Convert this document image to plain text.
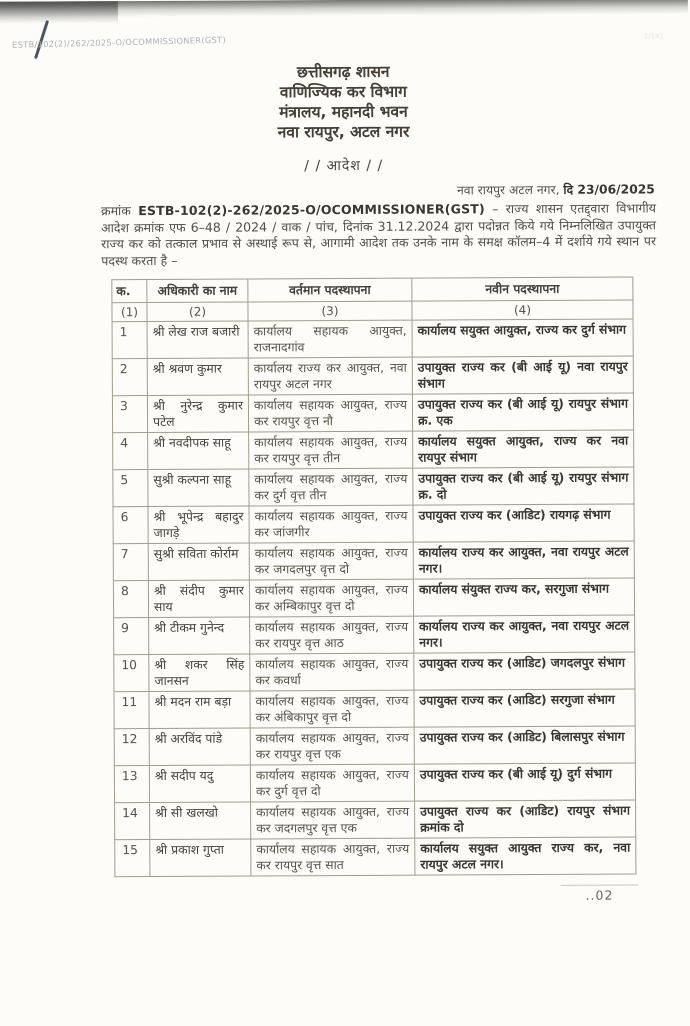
ESTB/102(2)/262/2025-O/OCOMMISSIONER(GST)	1/141
छत्तीसगढ़ शासन
वाणिज्यिक कर विभाग
मंत्रालय, महानदी भवन
नवा रायपुर, अटल नगर
/ / आदेश / /
नवा रायपुर अटल नगर, दि 23/06/2025
क्रमांक ESTB-102(2)-262/2025-O/OCOMMISSIONER(GST) – राज्य शासन एतद्द्वारा विभागीय आदेश क्रमांक एफ 6–48 / 2024 / वाक / पांच, दिनांक 31.12.2024 द्वारा पदोन्नत किये गये निम्नलिखित उपायुक्त राज्य कर को तत्काल प्रभाव से अस्थाई रूप से, आगामी आदेश तक उनके नाम के समक्ष कॉलम–4 में दर्शाये गये स्थान पर पदस्थ करता है –
क.	अधिकारी का नाम	वर्तमान पदस्थापना	नवीन पदस्थापना
(1)	(2)	(3)	(4)
1	श्री लेख राज बजारी	कार्यालय सहायक आयुक्त, राजनादगांव	कार्यालय सयुक्त आयुक्त, राज्य कर दुर्ग संभाग
2	श्री श्रवण कुमार	कार्यालय राज्य कर आयुक्त, नवा रायपुर अटल नगर	उपायुक्त राज्य कर (बी आई यू) नवा रायपुर संभाग
3	श्री नुरेन्द्र कुमार पटेल	कार्यालय सहायक आयुक्त, राज्य कर रायपुर वृत्त नौ	उपायुक्त राज्य कर (बी आई यू) रायपुर संभाग क्र. एक
4	श्री नवदीपक साहू	कार्यालय सहायक आयुक्त, राज्य कर रायपुर वृत्त तीन	कार्यालय सयुक्त आयुक्त, राज्य कर नवा रायपुर संभाग
5	सुश्री कल्पना साहू	कार्यालय सहायक आयुक्त, राज्य कर दुर्ग वृत्त तीन	उपायुक्त राज्य कर (बी आई यू) रायपुर संभाग क्र. दो
6	श्री भूपेन्द्र बहादुर जागड़े	कार्यालय सहायक आयुक्त, राज्य कर जांजगीर	उपायुक्त राज्य कर (आडिट) रायगढ़ संभाग
7	सुश्री सविता कोर्राम	कार्यालय सहायक आयुक्त, राज्य कर जगदलपुर वृत्त दो	कार्यालय राज्य कर आयुक्त, नवा रायपुर अटल नगर।
8	श्री संदीप कुमार साय	कार्यालय सहायक आयुक्त, राज्य कर अम्बिकापुर वृत्त दो	कार्यालय संयुक्त राज्य कर, सरगुजा संभाग
9	श्री टीकम गुनेन्द	कार्यालय सहायक आयुक्त, राज्य कर रायपुर वृत्त आठ	कार्यालय राज्य कर आयुक्त, नवा रायपुर अटल नगर।
10	श्री शकर सिंह जानसन	कार्यालय सहायक आयुक्त, राज्य कर कवर्धा	उपायुक्त राज्य कर (आडिट) जगदलपुर संभाग
11	श्री मदन राम बड़ा	कार्यालय सहायक आयुक्त, राज्य कर अंबिकापुर वृत्त दो	उपायुक्त राज्य कर (आडिट) सरगुजा संभाग
12	श्री अरविंद पांडे	कार्यालय सहायक आयुक्त, राज्य कर रायपुर वृत्त एक	उपायुक्त राज्य कर (आडिट) बिलासपुर संभाग
13	श्री सदीप यदु	कार्यालय सहायक आयुक्त, राज्य कर दुर्ग वृत्त दो	उपायुक्त राज्य कर (बी आई यू) दुर्ग संभाग
14	श्री सी खलखो	कार्यालय सहायक आयुक्त, राज्य कर जदगलपुर वृत्त एक	उपायुक्त राज्य कर (आडिट) रायपुर संभाग क्रमांक दो
15	श्री प्रकाश गुप्ता	कार्यालय सहायक आयुक्त, राज्य कर रायपुर वृत्त सात	कार्यालय सयुक्त आयुक्त राज्य कर, नवा रायपुर अटल नगर।
..02
